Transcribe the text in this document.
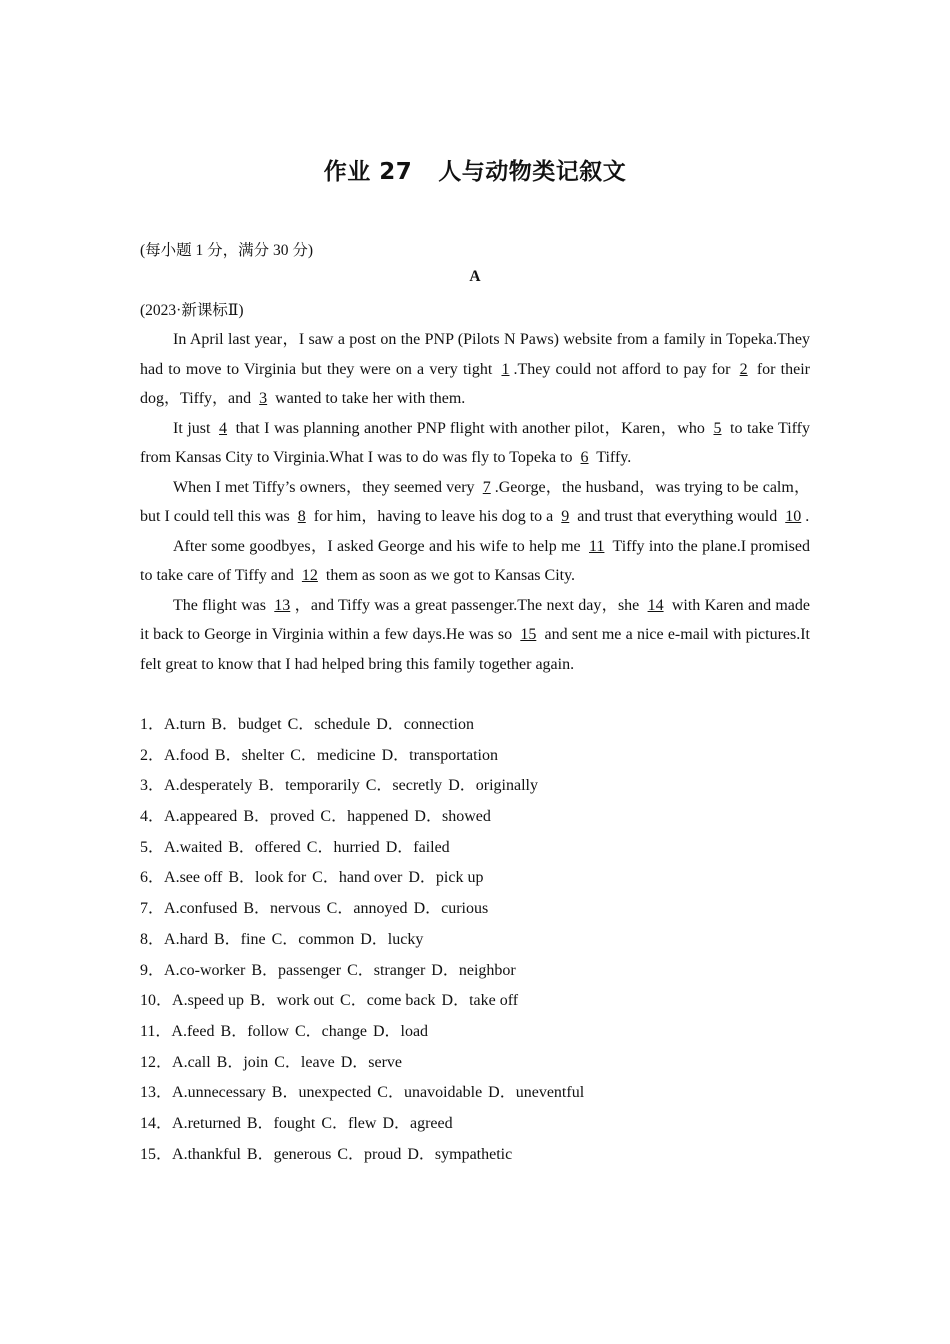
作业 27 人与动物类记叙文
(每小题 1 分，满分 30 分)
A
(2023·新课标Ⅱ)

In April last year，I saw a post on the PNP (Pilots N Paws) website from a family in Topeka.They had to move to Virginia but they were on a very tight 1 .They could not afford to pay for 2 for their dog，Tiffy，and 3 wanted to take her with them.

It just 4 that I was planning another PNP flight with another pilot，Karen，who 5 to take Tiffy from Kansas City to Virginia.What I was to do was fly to Topeka to 6 Tiffy.

When I met Tiffy’s owners，they seemed very 7 .George，the husband，was trying to be calm，but I could tell this was 8 for him，having to leave his dog to a 9 and trust that everything would 10 .

After some goodbyes，I asked George and his wife to help me 11 Tiffy into the plane.I promised to take care of Tiffy and 12 them as soon as we got to Kansas City.

The flight was 13 ，and Tiffy was a great passenger.The next day，she 14 with Karen and made it back to George in Virginia within a few days.He was so 15 and sent me a nice e-mail with pictures.It felt great to know that I had helped bring this family together again.

1．A.turn B．budget C．schedule D．connection
2．A.food B．shelter C．medicine D．transportation
3．A.desperately B．temporarily C．secretly D．originally
4．A.appeared B．proved C．happened D．showed
5．A.waited B．offered C．hurried D．failed
6．A.see off B．look for C．hand over D．pick up
7．A.confused B．nervous C．annoyed D．curious
8．A.hard B．fine C．common D．lucky
9．A.co-worker B．passenger C．stranger D．neighbor
10．A.speed up B．work out C．come back D．take off
11．A.feed B．follow C．change D．load
12．A.call B．join C．leave D．serve
13．A.unnecessary B．unexpected C．unavoidable D．uneventful
14．A.returned B．fought C．flew D．agreed
15．A.thankful B．generous C．proud D．sympathetic
